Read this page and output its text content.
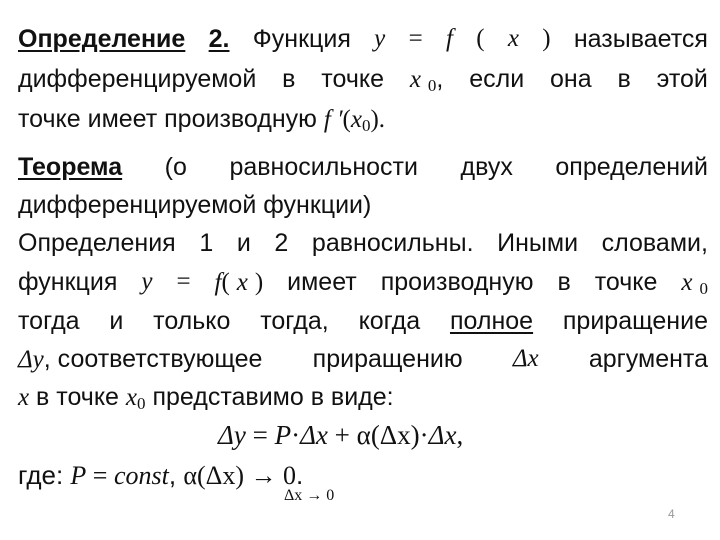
Определение 2. Функция y = f ( x ) называется
дифференцируемой в точке x 0, если она в этой
точке имеет производную f ′(x0).
Теорема (о равносильности двух определений
дифференцируемой функции)
Определения 1 и 2 равносильны. Иными словами,
функция y = f( x ) имеет производную в точке x 0
тогда и только тогда, когда полное приращение
Δy, соответствующее приращению Δx аргумента
x в точке x0 представимо в виде:
Δy = P·Δx + α(Δx)·Δx,
где: P = const, α(Δx) → 0.
Δx → 0
4
